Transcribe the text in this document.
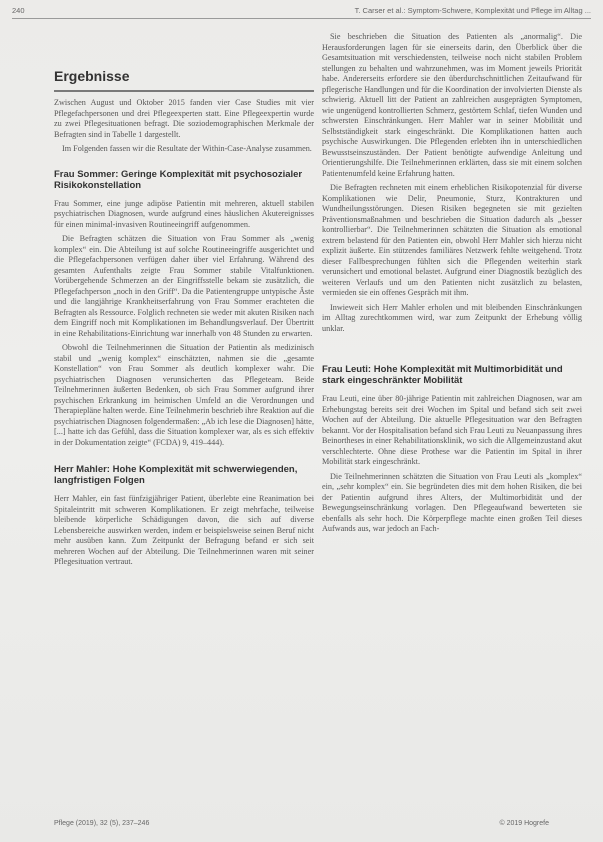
240	T. Carser et al.: Symptom-Schwere, Komplexität und Pflege im Alltag ...
Ergebnisse

Zwischen August und Oktober 2015 fanden vier Case Studies mit vier Pflegefachpersonen und drei Pflegeexperten statt. Eine Pflegeexpertin wurde zu zwei Pflegesituationen befragt. Die soziodemographischen Merkmale der Befragten sind in Tabelle 1 dargestellt.

Im Folgenden fassen wir die Resultate der Within-Case-Analyse zusammen.

Frau Sommer: Geringe Komplexität mit psychosozialer Risikokonstellation

Frau Sommer, eine junge adipöse Patientin mit mehreren, aktuell stabilen psychiatrischen Diagnosen, wurde aufgrund eines häuslichen Akutereignisses für einen minimal-invasiven Routineeingriff aufgenommen.

Die Befragten schätzen die Situation von Frau Sommer als „wenig komplex“ ein. Die Abteilung ist auf solche Routineeingriffe ausgerichtet und die Pflegefachpersonen verfügen daher über viel Erfahrung. Während des gesamten Aufenthalts zeigte Frau Sommer stabile Vitalfunktionen. Vorübergehende Schmerzen an der Eingriffsstelle bekam sie zusätzlich, die Pflegefachperson „noch in den Griff“. Da die Patientengruppe untypische Äste und die langjährige Krankheitserfahrung von Frau Sommer erachteten die Befragten als Ressource. Folglich rechneten sie weder mit akuten Risiken nach dem Eingriff noch mit Komplikationen im Behandlungsverlauf. Der Übertritt in eine Rehabilitations-Einrichtung war innerhalb von 48 Stunden zu erwarten.

Obwohl die Teilnehmerinnen die Situation der Patientin als medizinisch stabil und „wenig komplex“ einschätzten, nahmen sie die „gesamte Konstellation“ von Frau Sommer als deutlich komplexer wahr. Die psychiatrischen Diagnosen verunsicherten das Pflegeteam. Beide Teilnehmerinnen äußerten Bedenken, ob sich Frau Sommer aufgrund ihrer psychischen Erkrankung im heimischen Umfeld an die Verordnungen und Therapiepläne halten werde. Eine Teilnehmerin beschrieb ihre Reaktion auf die psychiatrischen Diagnosen folgendermaßen: „Ab ich lese die Diagnosen] hätte, [...] hatte ich das Gefühl, dass die Situation komplexer war, als es sich effektiv in der Dokumentation zeigte“ (FCDA) 9, 419–444).

Herr Mahler: Hohe Komplexität mit schwerwiegenden, langfristigen Folgen

Herr Mahler, ein fast fünfzigjähriger Patient, überlebte eine Reanimation bei Spitaleintritt mit schweren Komplikationen. Er zeigt mehrfache, teilweise bleibende körperliche Schädigungen davon, die sich auf diverse Lebensbereiche auswirken werden, indem er beispielsweise seinen Beruf nicht mehr ausüben kann. Zum Zeitpunkt der Befragung befand er sich seit mehreren Wochen auf der Abteilung. Die Teilnehmerinnen waren mit seiner Pflegesituation vertraut.

Sie beschrieben die Situation des Patienten als „anormalig“. Die Herausforderungen lagen für sie einerseits darin, den Überblick über die Gesamtsituation mit verschiedensten, teilweise noch nicht stabilen Problem stellungen zu behalten und wahrzunehmen, was im Moment jeweils Priorität habe. Andererseits erfordere sie den überdurchschnittlichen Zeitaufwand für pflegerische Handlungen und für die Koordination der involvierten Dienste als schwierig. Aktuell litt der Patient an zahlreichen ausgeprägten Symptomen, wie ungenügend kontrollierten Schmerz, gestörtem Schlaf, tiefen Wunden und schwersten Einschränkungen. Herr Mahler war in seiner Mobilität und Selbstständigkeit stark eingeschränkt. Die Komplikationen hatten auch psychische Auswirkungen. Die Pflegenden erlebten ihn in unterschiedlichen Bewusstseinszuständen. Der Patient benötigte aufwendige Anleitung und Orientierungshilfe. Die Teilnehmerinnen erklärten, dass sie mit einem solchen Patientenumfeld keine Erfahrung hatten.

Die Befragten rechneten mit einem erheblichen Risikopotenzial für diverse Komplikationen wie Delir, Pneumonie, Sturz, Kontrakturen und Wundheilungsstörungen. Diesen Risiken begegneten sie mit gezielten Präventionsmaßnahmen und beschrieben die Situation dadurch als „besser kontrollierbar“. Die Teilnehmerinnen schätzten die Situation als emotional extrem belastend für den Patienten ein, obwohl Herr Mahler sich hierzu nicht explizit äußerte. Ein stützendes familiäres Netzwerk fehlte weitgehend. Trotz dieser Fallbesprechungen fühlten sich die Pflegenden weiterhin stark verunsichert und emotional belastet. Aufgrund einer Diagnostik bezüglich des weiteren Verlaufs und um den Patienten nicht zusätzlich zu belasten, vermieden sie ein offenes Gespräch mit ihm.

Inwieweit sich Herr Mahler erholen und mit bleibenden Einschränkungen im Alltag zurechtkommen wird, war zum Zeitpunkt der Erhebung völlig unklar.

Frau Leuti: Hohe Komplexität mit Multimorbidität und stark eingeschränkter Mobilität

Frau Leuti, eine über 80-jährige Patientin mit zahlreichen Diagnosen, war am Erhebungstag bereits seit drei Wochen im Spital und befand sich seit zwei Wochen auf der Abteilung. Die aktuelle Pflegesituation war den Befragten bekannt. Vor der Hospitalisation befand sich Frau Leuti zu Neuanpassung ihres Beinortheses in einer Rehabilitationsklinik, wo sich die Allgemeinzustand akut verschlechterte. Ohne diese Prothese war die Patientin im Spital in ihrer Mobilität stark eingeschränkt.

Die Teilnehmerinnen schätzten die Situation von Frau Leuti als „komplex“ ein, „sehr komplex“ ein. Sie begründeten dies mit dem hohen Risiken, die bei der Patientin aufgrund ihres Alters, der Multimorbidität und der Bewegungseinschränkung vorlagen. Den Pflegeaufwand bewerteten sie ebenfalls als sehr hoch. Die Körperpflege machte einen großen Teil dieses Aufwands aus, war jedoch an Fach-

Pflege (2019), 32 (5), 237–246	© 2019 Hogrefe
